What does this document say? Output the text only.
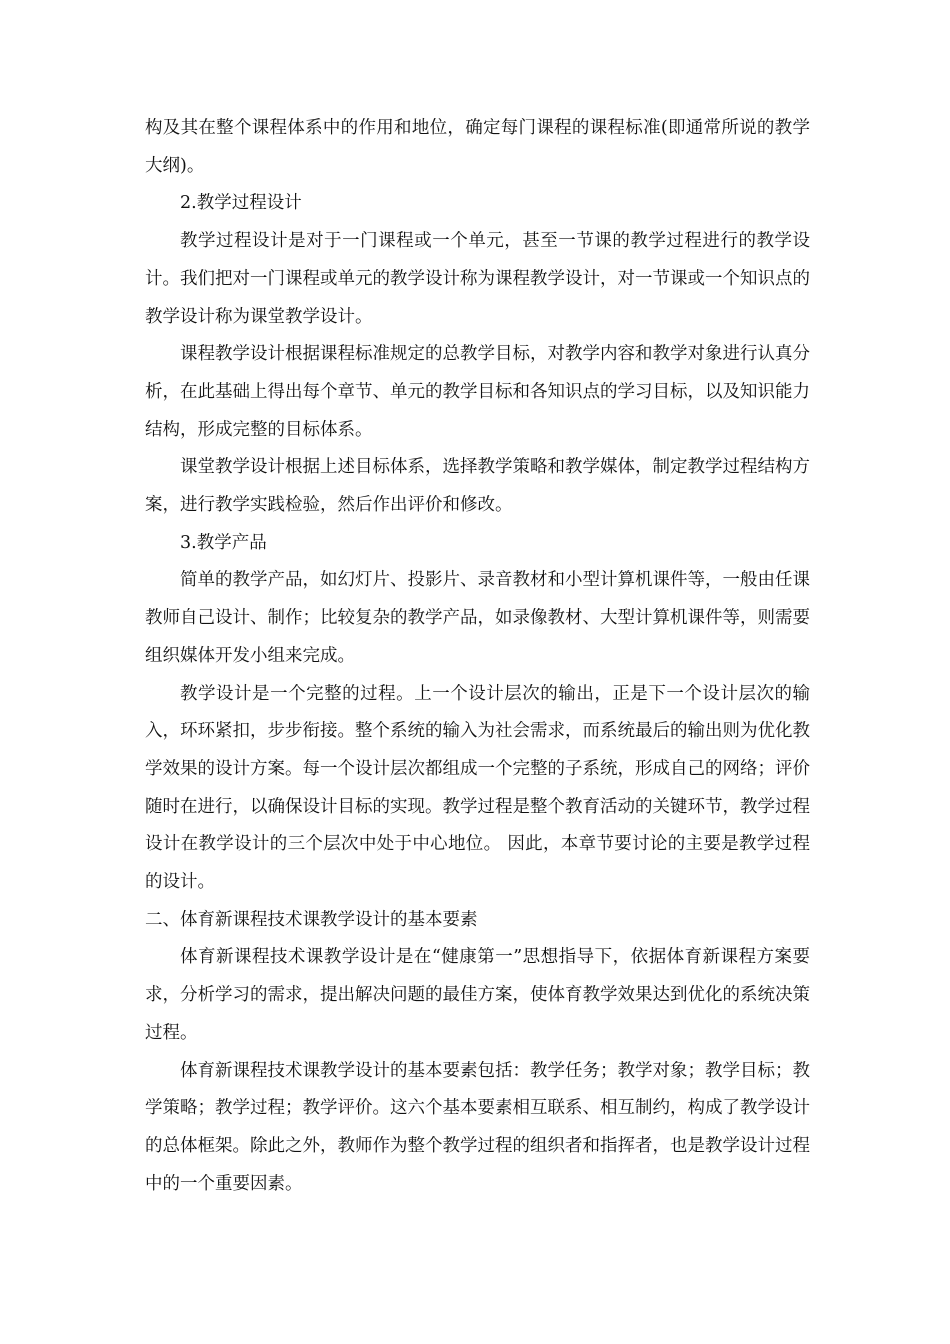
构及其在整个课程体系中的作用和地位，确定每门课程的课程标准(即通常所说的教学大纲)。

2.教学过程设计

教学过程设计是对于一门课程或一个单元，甚至一节课的教学过程进行的教学设计。我们把对一门课程或单元的教学设计称为课程教学设计，对一节课或一个知识点的教学设计称为课堂教学设计。

课程教学设计根据课程标准规定的总教学目标，对教学内容和教学对象进行认真分析，在此基础上得出每个章节、单元的教学目标和各知识点的学习目标，以及知识能力结构，形成完整的目标体系。

课堂教学设计根据上述目标体系，选择教学策略和教学媒体，制定教学过程结构方案，进行教学实践检验，然后作出评价和修改。

3.教学产品

简单的教学产品，如幻灯片、投影片、录音教材和小型计算机课件等，一般由任课教师自己设计、制作；比较复杂的教学产品，如录像教材、大型计算机课件等，则需要组织媒体开发小组来完成。

教学设计是一个完整的过程。上一个设计层次的输出，正是下一个设计层次的输入，环环紧扣，步步衔接。整个系统的输入为社会需求，而系统最后的输出则为优化教学效果的设计方案。每一个设计层次都组成一个完整的子系统，形成自己的网络；评价随时在进行，以确保设计目标的实现。教学过程是整个教育活动的关键环节，教学过程设计在教学设计的三个层次中处于中心地位。 因此，本章节要讨论的主要是教学过程的设计。

二、体育新课程技术课教学设计的基本要素

体育新课程技术课教学设计是在“健康第一”思想指导下，依据体育新课程方案要求，分析学习的需求，提出解决问题的最佳方案，使体育教学效果达到优化的系统决策过程。

体育新课程技术课教学设计的基本要素包括：教学任务；教学对象；教学目标；教学策略；教学过程；教学评价。这六个基本要素相互联系、相互制约，构成了教学设计的总体框架。除此之外，教师作为整个教学过程的组织者和指挥者，也是教学设计过程中的一个重要因素。
